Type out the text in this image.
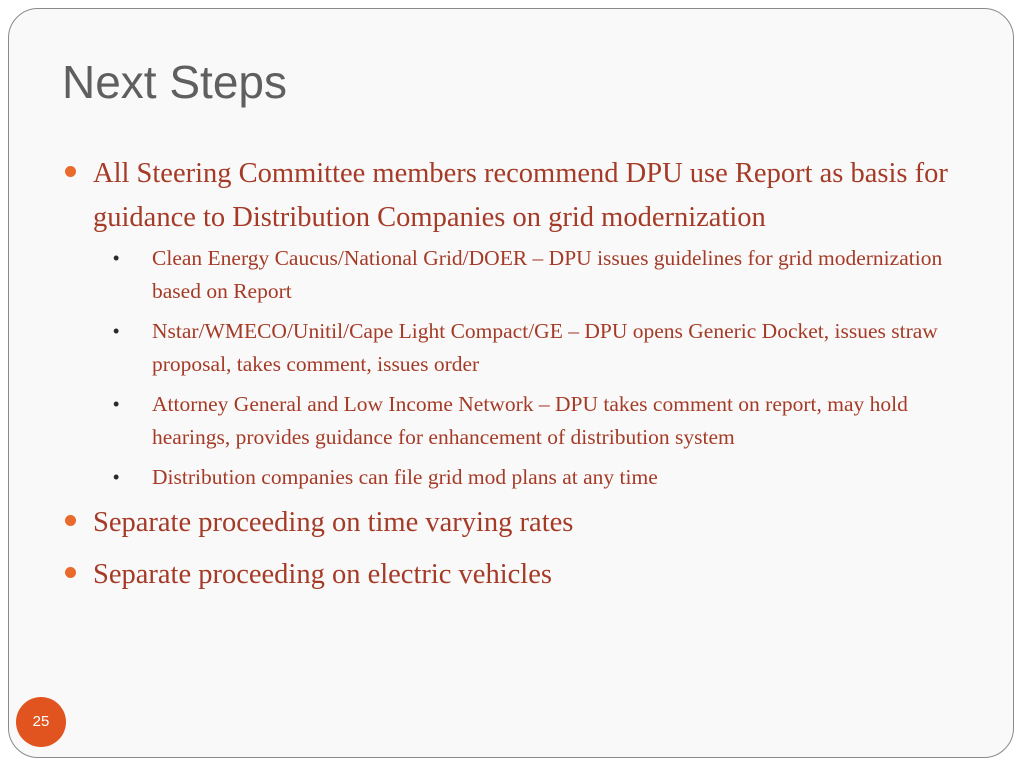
Next Steps
All Steering Committee members recommend DPU use Report as basis for guidance to Distribution Companies on grid modernization
• Clean Energy Caucus/National Grid/DOER – DPU issues guidelines for grid modernization based on Report
• Nstar/WMECO/Unitil/Cape Light Compact/GE – DPU opens Generic Docket, issues straw proposal, takes comment, issues order
• Attorney General and Low Income Network – DPU takes comment on report, may hold hearings, provides guidance for enhancement of distribution system
• Distribution companies can file grid mod plans at any time
Separate proceeding on time varying rates
Separate proceeding on electric vehicles
25
